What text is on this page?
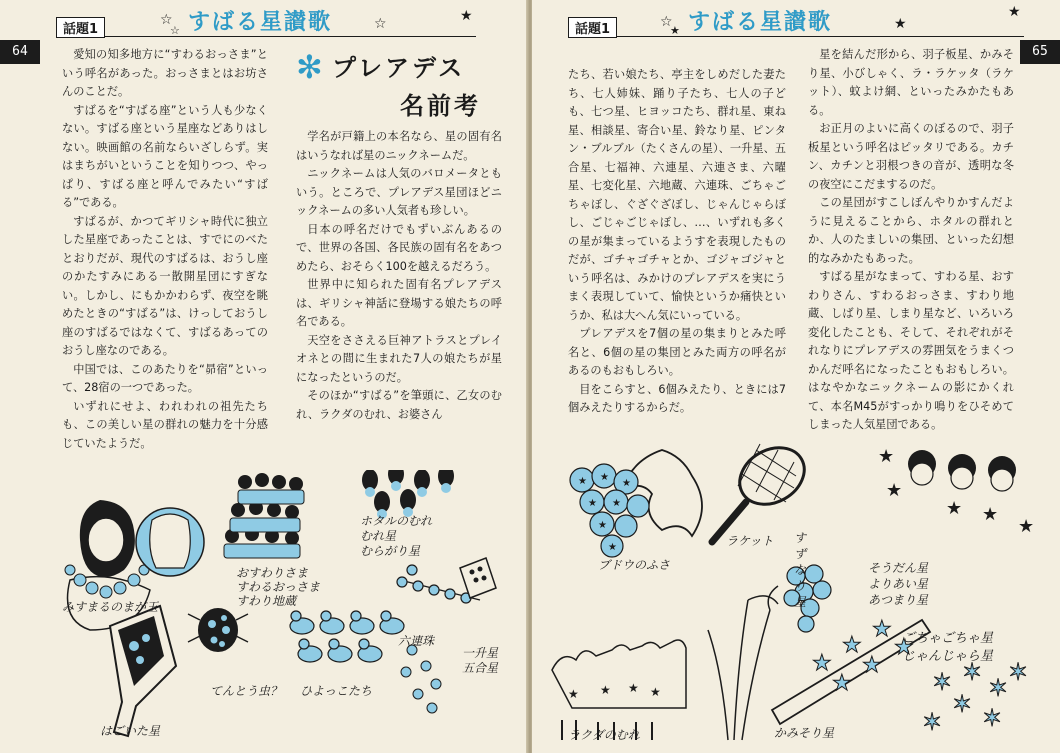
64
話題1
☆
☆ すばる星讃歌	☆	★

愛知の知多地方に“すわるおっさま”という呼名があった。おっさまとはお坊さんのことだ。

すばるを“すばる座”という人も少なくない。すばる座という星座などありはしない。映画館の名前ならいざしらず。実はまちがいということを知りつつ、やっぱり、すばる座と呼んでみたい“すばる”である。

すばるが、かつてギリシャ時代に独立した星座であったことは、すでにのべたとおりだが、現代のすばるは、おうし座のかたすみにある一散開星団にすぎない。しかし、にもかかわらず、夜空を眺めたときの“すばる”は、けっしておうし座のすばるではなくて、すばるあってのおうし座なのである。

中国では、このあたりを“昴宿”といって、28宿の一つであった。

いずれにせよ、われわれの祖先たちも、この美しい星の群れの魅力を十分感じていたようだ。

✻ プレアデス
名前考

学名が戸籍上の本名なら、星の固有名はいうなれば星のニックネームだ。

ニックネームは人気のバロメータともいう。ところで、プレアデス星団ほどニックネームの多い人気者も珍しい。

日本の呼名だけでもずいぶんあるので、世界の各国、各民族の固有名をあつめたら、おそらく100を越えるだろう。

世界中に知られた固有名プレアデスは、ギリシャ神話に登場する娘たちの呼名である。

天空をささえる巨神アトラスとプレイオネとの間に生まれた7人の娘たちが星になったというのだ。

そのほか“すばる”を筆頭に、乙女のむれ、ラクダのむれ、お婆さん

みすまるのまが玉
おすわりさま
すわるおっさま
すわり地蔵
ホタルのむれ
むれ星
むらがり星
六連珠
てんとう虫？ ひよっこたち
はごいた星
一升星
五合星
65
話題1	☆
★ すばる星讃歌	★
★

たち、若い娘たち、亭主をしめだした妻たち、七人姉妹、踊り子たち、七人の子ども、七つ星、ヒヨッコたち、群れ星、東ね星、相談星、寄合い星、鈴なり星、ピンタン・ブルブル（たくさんの星）、一升星、五合星、七福神、六連星、六連さま、六曜星、七変化星、六地蔵、六連珠、ごちゃごちゃぼし、ぐざぐざぼし、じゃんじゃらぼし、ごじゃごじゃぼし、…、いずれも多くの星が集まっているようすを表現したものだが、ゴチャゴチャとか、ゴジャゴジャという呼名は、みかけのプレアデスを実にうまく表現していて、愉快というか痛快というか、私は大へん気にいっている。

プレアデスを7個の星の集まりとみた呼名と、6個の星の集団とみた両方の呼名があるのもおもしろい。

目をこらすと、6個みえたり、ときには7個みえたりするからだ。

星を結んだ形から、羽子板星、かみそり星、小びしゃく、ラ・ラケッタ（ラケット）、蚊よけ網、といったみかたもある。

お正月のよいに高くのぼるので、羽子板星という呼名はピッタリである。カチン、カチンと羽根つきの音が、透明な冬の夜空にこだまするのだ。

この星団がすこしぼんやりかすんだように見えることから、ホタルの群れとか、人のたましいの集団、といった幻想的なみかたもあった。

すばる星がなまって、すわる星、おすわりさん、すわるおっさま、すわり地蔵、しばり星、しまり星など、いろいろ変化したことも、そして、それぞれがそれなりにプレアデスの雰囲気をうまくつかんだ呼名になったこともおもしろい。はなやかなニックネームの影にかくれて、本名M45がすっかり鳴りをひそめてしまった人気星団である。

★ ★
★
★ ★
★
★
★
★
★ ★
★
★ ★ ★ ★
★
★
★
★
★
★
✶ ✶
✶
✶ ✶
✶
✶
ブドウのふさ
ラケット すず
なり
星
そうだん星
よりあい星
あつまり星
ごちゃごちゃ星
じゃんじゃら星
ラクダのむれ	かみそり星
